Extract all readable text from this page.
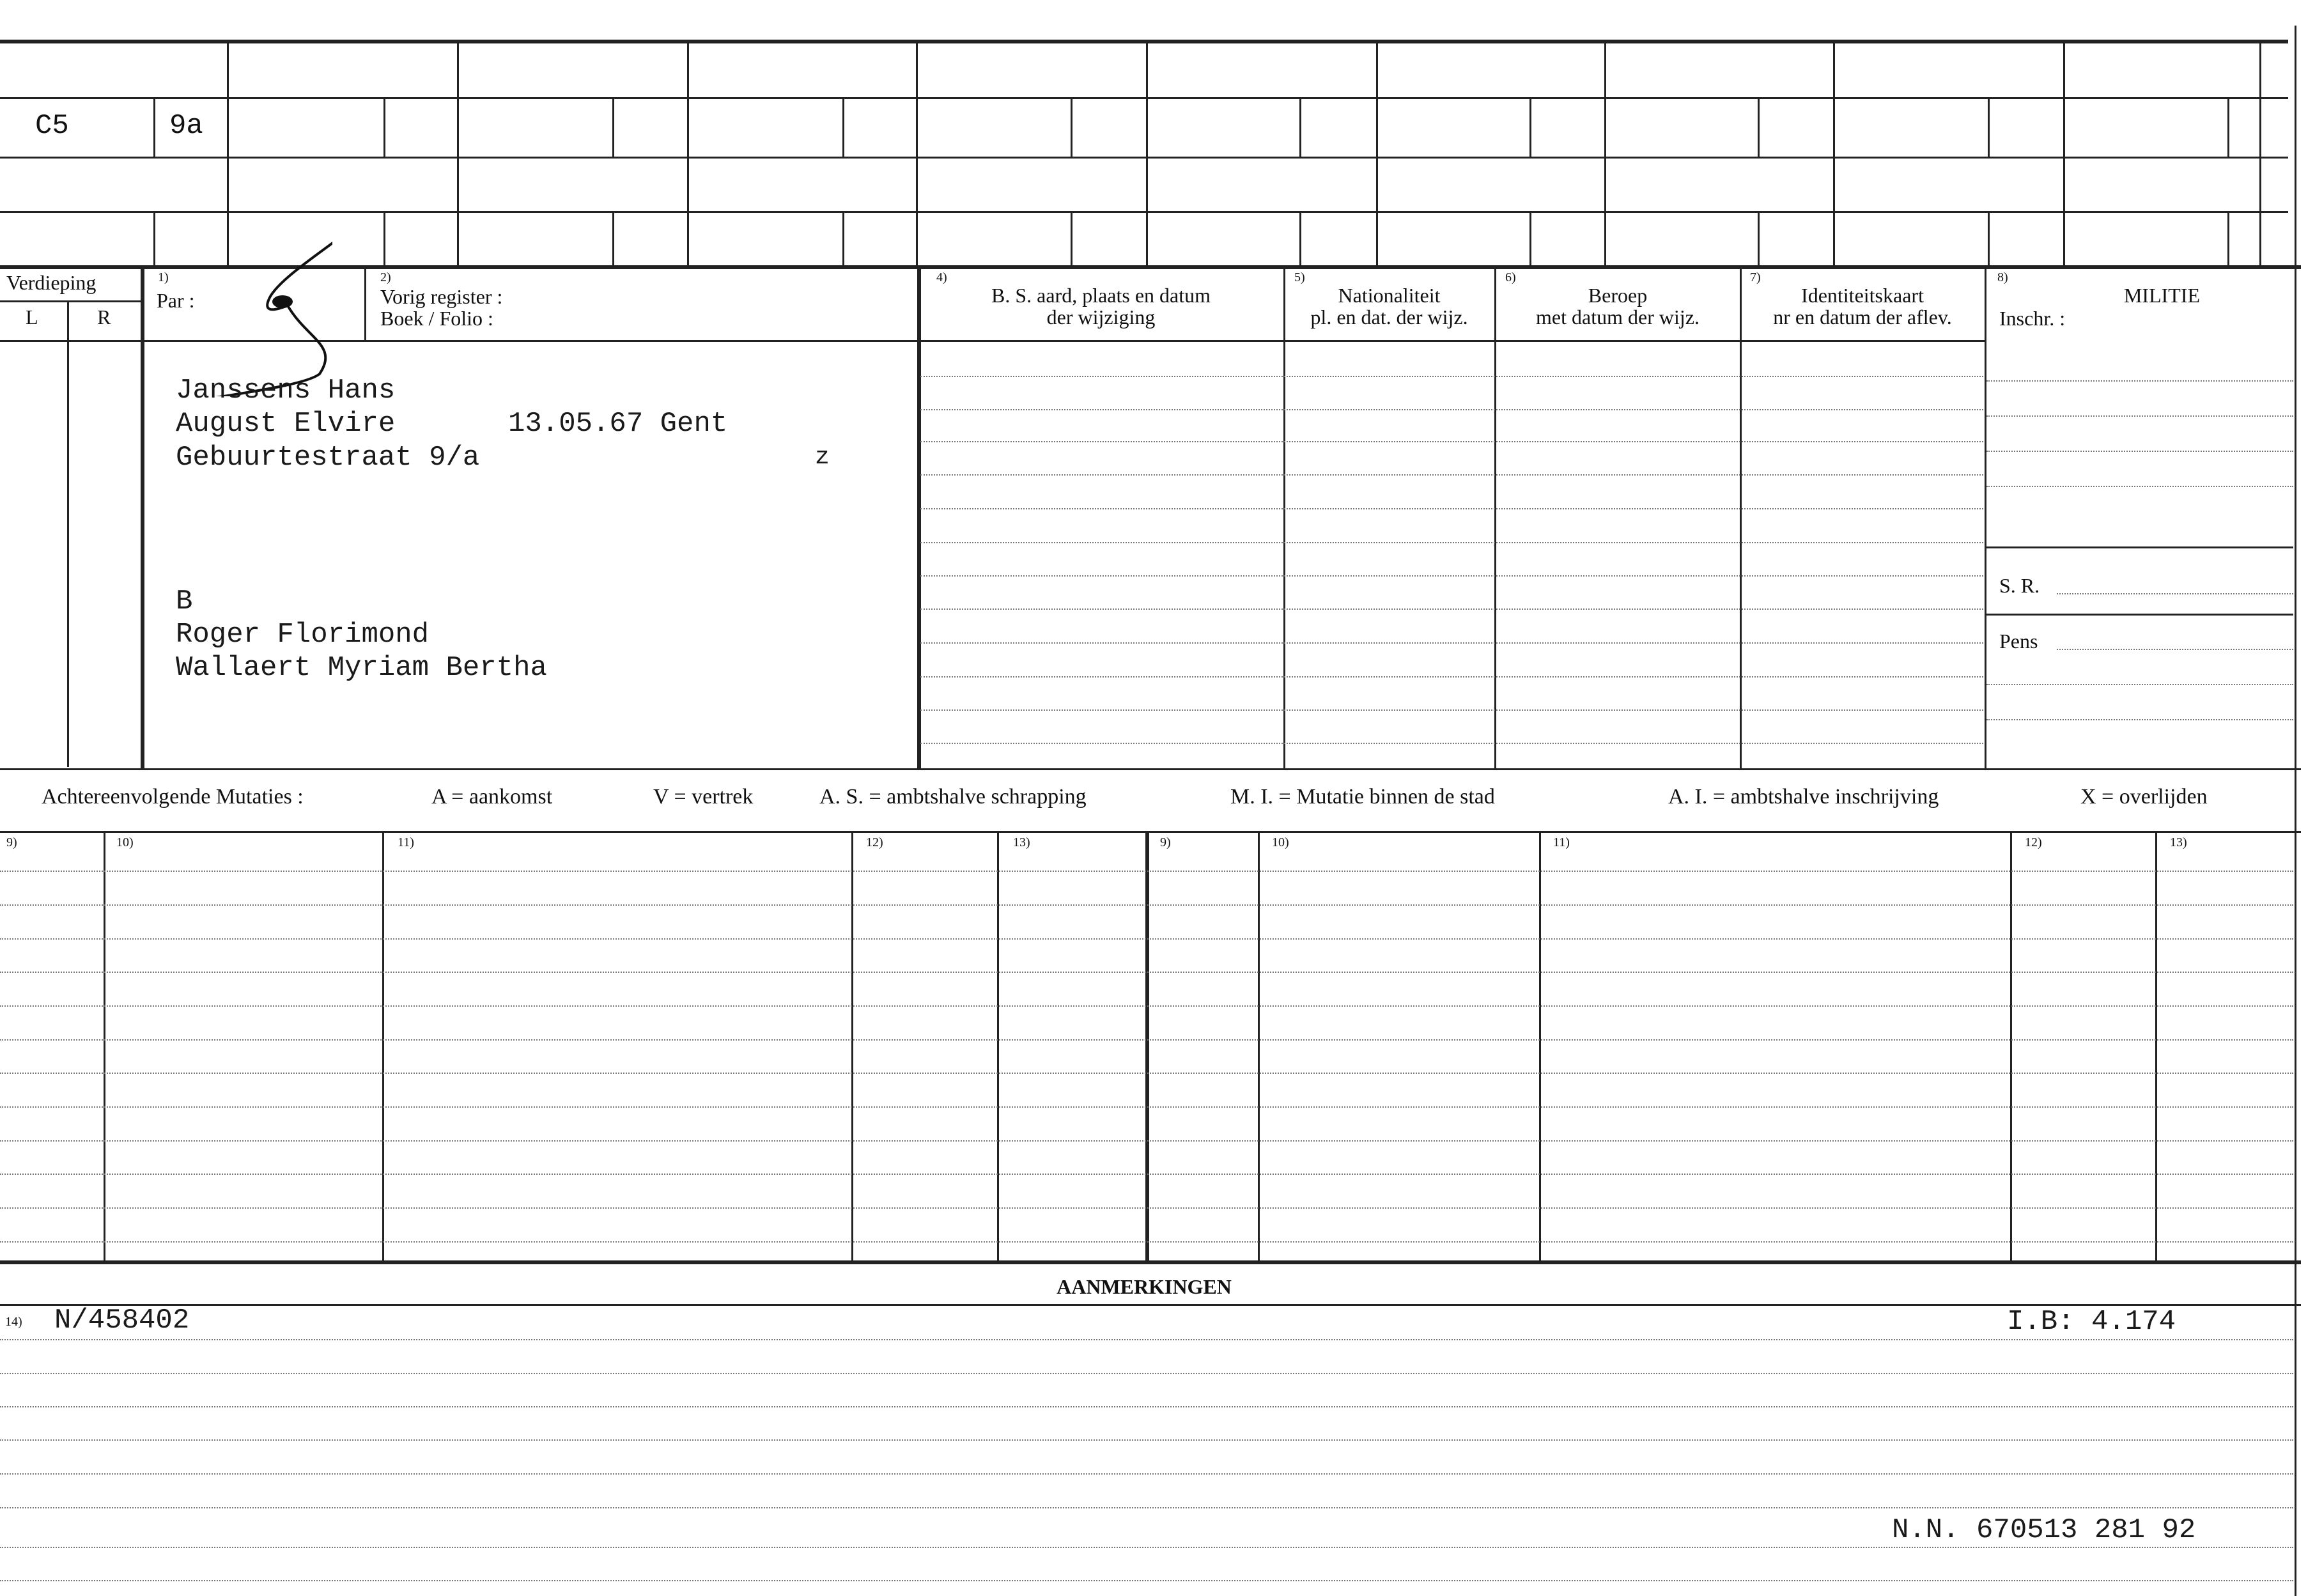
C5	9a
Verdieping
L	R
1)
Par :
2)
Vorig register :
Boek / Folio :
4)
B. S. aard, plaats en datum
der wijziging
5)
Nationaliteit
pl. en dat. der wijz.
6)
Beroep
met datum der wijz.
7)
Identiteitskaart
nr en datum der aflev.
8)
MILITIE
Inschr. :
S. R.
Pens
Janssens Hans
August Elvire	13.05.67 Gent
Gebuurtestraat 9/a	z
B
Roger Florimond
Wallaert Myriam Bertha
Achtereenvolgende Mutaties :	A = aankomst	V = vertrek	A. S. = ambtshalve schrapping	M. I. = Mutatie binnen de stad	A. I. = ambtshalve inschrijving	X = overlijden
9)	10)	11)	12)	13)	9)	10)	11)	12)	13)
AANMERKINGEN
14) N/458402	I.B: 4.174
N.N. 670513 281 92
